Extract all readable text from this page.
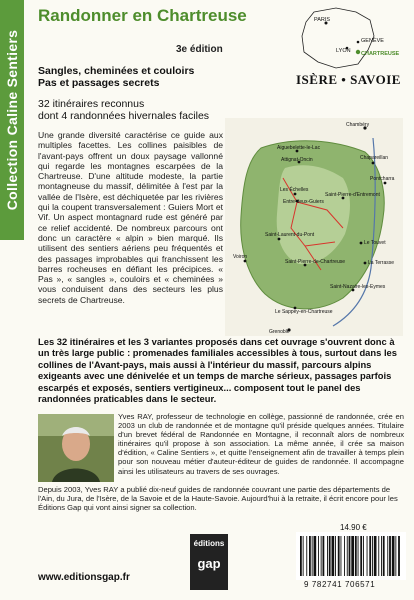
Collection Caline Sentiers
Randonner en Chartreuse
3e édition
Sangles, cheminées et couloirs
Pas et passages secrets
32 itinéraires reconnus
dont 4 randonnées hivernales faciles
PARIS
GENÈVE
LYON CHARTREUSE
ISÈRE • SAVOIE
Une grande diversité caractérise ce guide aux multiples facettes. Les collines paisibles de l'avant-pays offrent un doux paysage vallonné qui regarde les montagnes escarpées de la Chartreuse. D'une altitude modeste, la partie montagneuse du massif, délimitée à l'est par la vallée de l'Isère, est déchiquetée par les rivières qui la coupent transversalement : Guiers Mort et Vif. Un aspect montagnard rude est généré par ce relief accidenté. De nombreux parcours ont donc un caractère « alpin » bien marqué. Ils utilisent des sentiers aériens peu fréquentés et des passages improbables qui franchissent les barres rocheuses en défiant les précipices. « Pas », « sangles », couloirs et « cheminées » vous conduisent dans des secteurs les plus secrets de Chartreuse.
Chambéry
Aiguebelette-le-Lac
Attignat-Oncin
Les Échelles
Entre-deux-Guiers
Saint-Pierre-d'Entremont
Voiron
Saint-Laurent-du-Pont
Saint-Pierre-de-Chartreuse
Le Sappey-en-Chartreuse
Grenoble
Le Touvet
Chapareillan
Pontcharra
La Terrasse
Saint-Nazaire-les-Eymes
Les 32 itinéraires et les 3 variantes proposés dans cet ouvrage s'ouvrent donc à un très large public : promenades familiales accessibles à tous, surtout dans les collines de l'Avant-pays, mais aussi à l'intérieur du massif, parcours alpins exigeants avec une dénivelée et un temps de marche sérieux, passages parfois escarpés et exposés, sentiers vertigineux... composent tout le panel des randonnées praticables dans le secteur.
Yves RAY, professeur de technologie en collège, passionné de randonnée, crée en 2003 un club de randonnée et de montagne qu'il préside quelques années. Titulaire d'un brevet fédéral de Randonnée en Montagne, il reconnaît alors de nombreux itinéraires qu'il propose à son association. La même année, il crée sa maison d'édition, « Caline Sentiers », et quitte l'enseignement afin de travailler à temps plein pour son nouveau métier d'auteur-éditeur de guides de randonnée. Il accompagne ainsi les utilisateurs au travers de ses ouvrages.
Depuis 2003, Yves RAY a publié dix-neuf guides de randonnée couvrant une partie des départements de l'Ain, du Jura, de l'Isère, de la Savoie et de la Haute-Savoie. Aujourd'hui à la retraite, il écrit encore pour les Éditions Gap qui vont ainsi signer sa collection.
www.editionsgap.fr
éditions
gap
14.90 €
9 782741 706571
